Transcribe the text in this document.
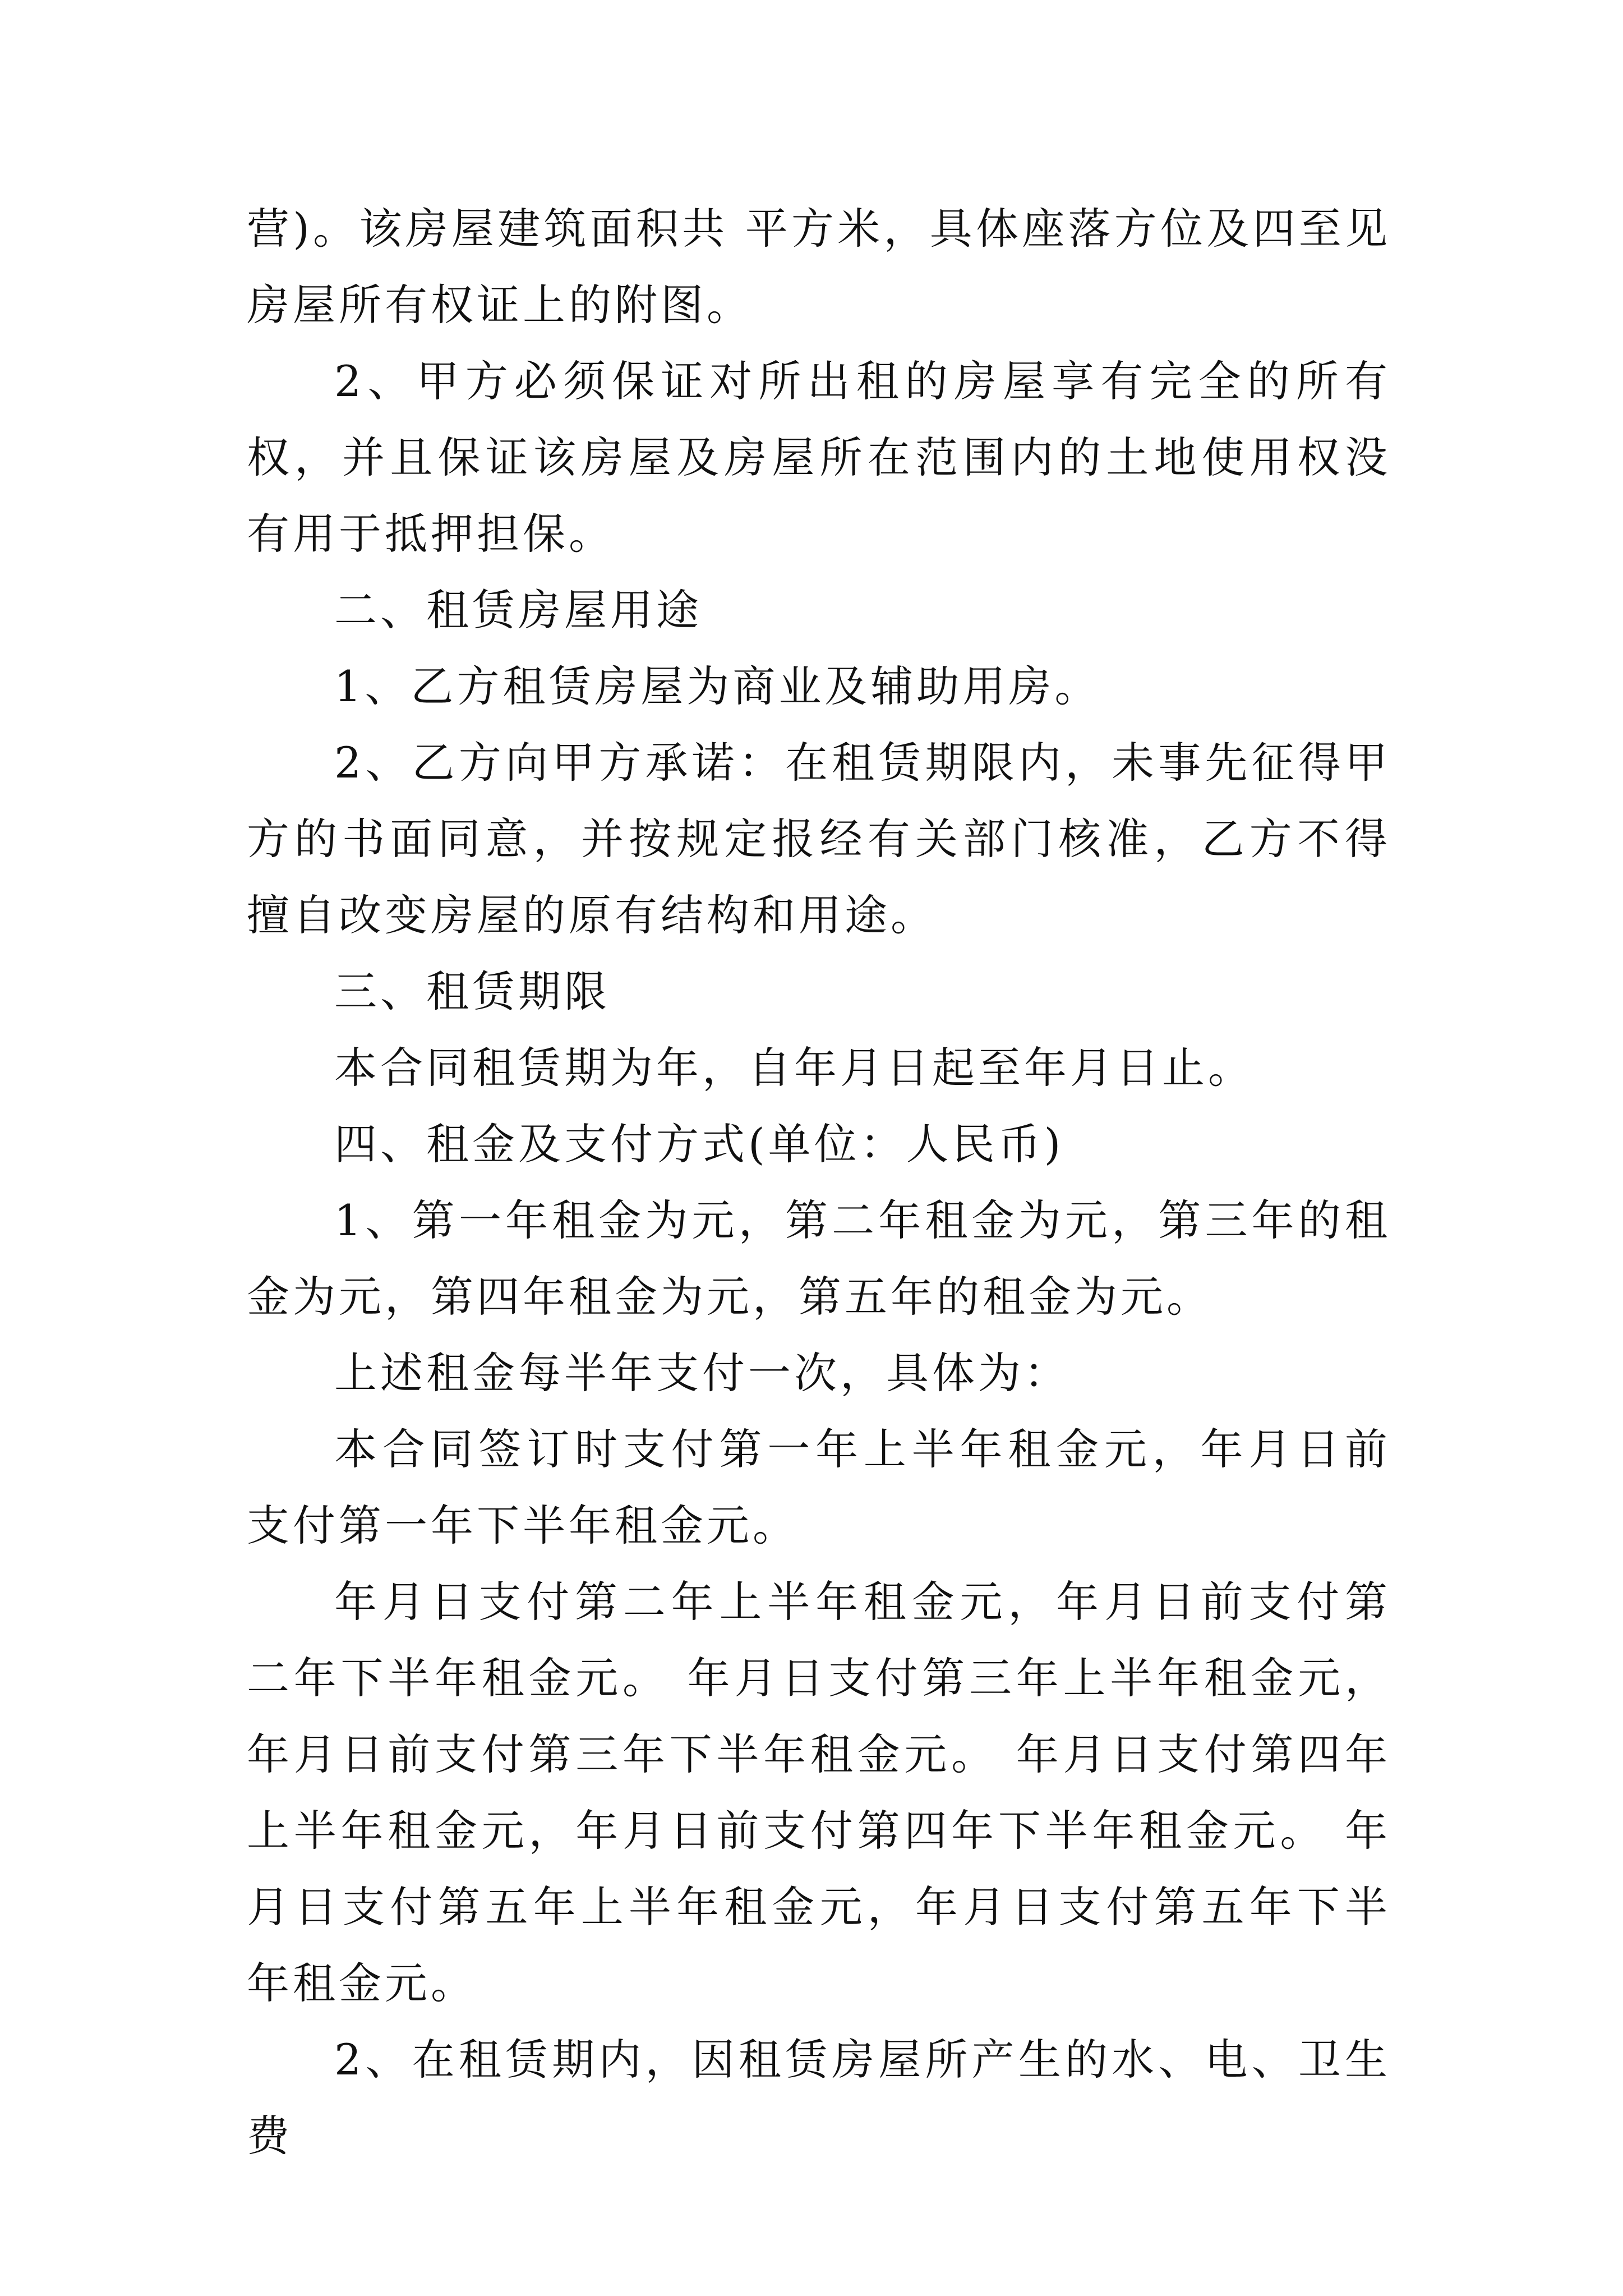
营)。该房屋建筑面积共 平方米，具体座落方位及四至见房屋所有权证上的附图。

2、甲方必须保证对所出租的房屋享有完全的所有权，并且保证该房屋及房屋所在范围内的土地使用权没有用于抵押担保。

二、租赁房屋用途

1、乙方租赁房屋为商业及辅助用房。

2、乙方向甲方承诺：在租赁期限内，未事先征得甲方的书面同意，并按规定报经有关部门核准，乙方不得擅自改变房屋的原有结构和用途。

三、租赁期限

本合同租赁期为年，自年月日起至年月日止。

四、租金及支付方式(单位：人民币)

1、第一年租金为元，第二年租金为元，第三年的租金为元，第四年租金为元，第五年的租金为元。

上述租金每半年支付一次，具体为：

本合同签订时支付第一年上半年租金元，年月日前支付第一年下半年租金元。

年月日支付第二年上半年租金元，年月日前支付第二年下半年租金元。 年月日支付第三年上半年租金元，年月日前支付第三年下半年租金元。 年月日支付第四年上半年租金元，年月日前支付第四年下半年租金元。 年月日支付第五年上半年租金元，年月日支付第五年下半年租金元。

2、在租赁期内，因租赁房屋所产生的水、电、卫生费
